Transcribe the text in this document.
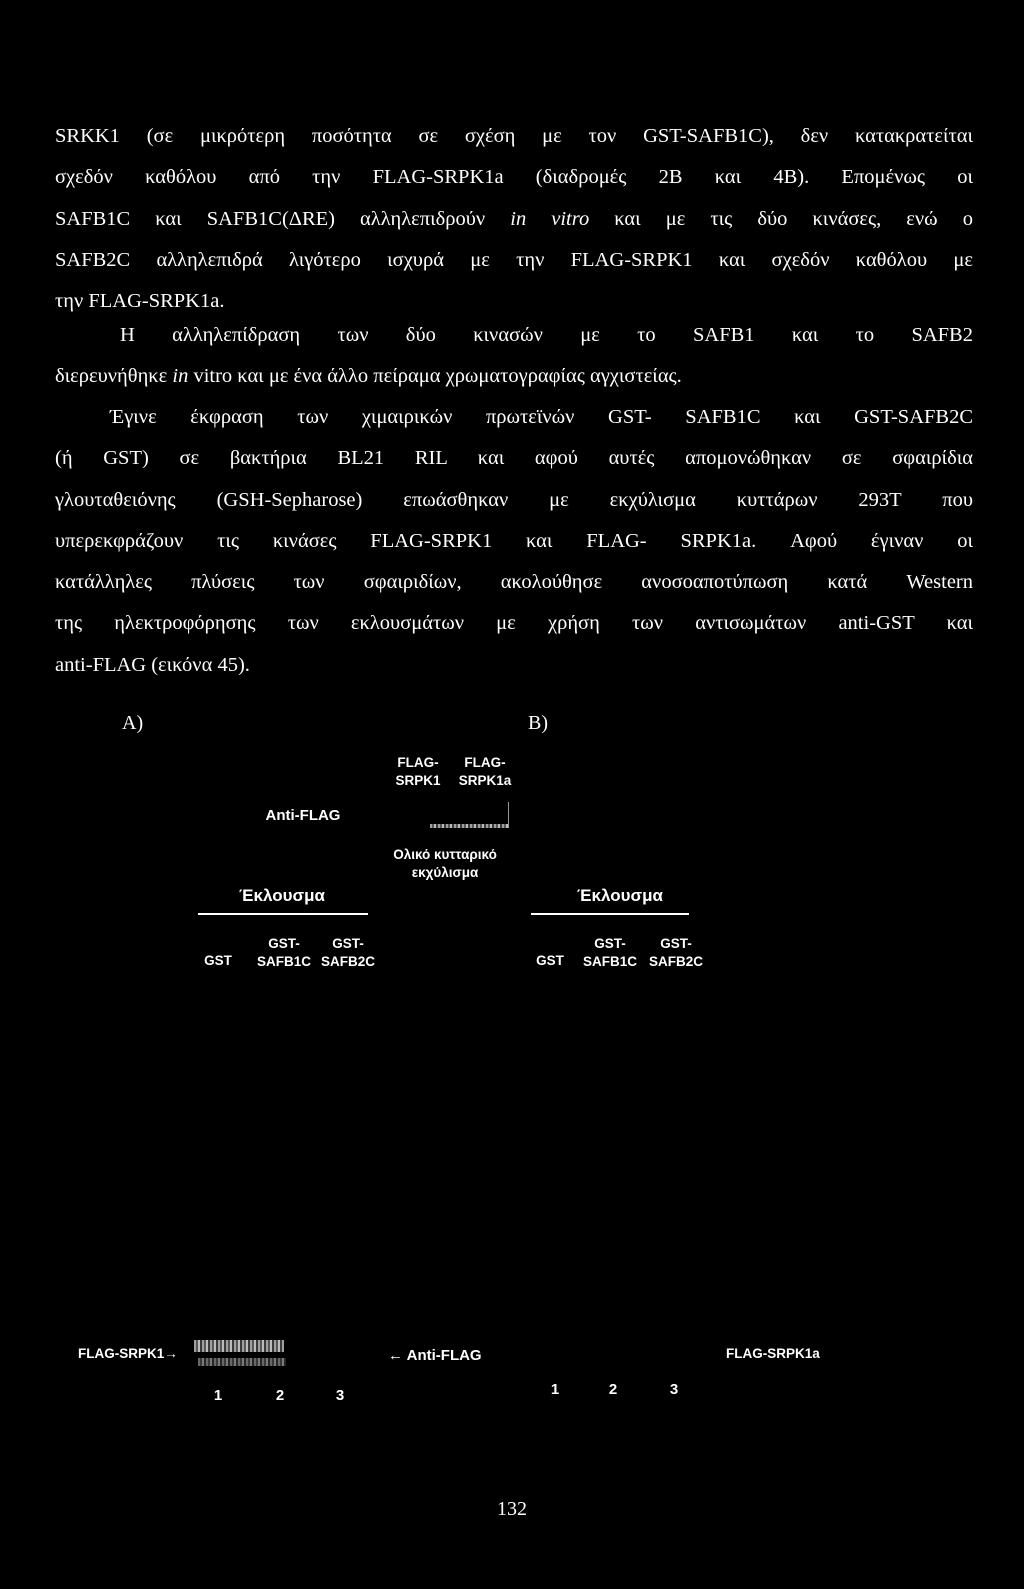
SRKK1 (σε μικρότερη ποσότητα σε σχέση με τον GST-SAFB1C), δεν κατακρατείται
σχεδόν καθόλου από την FLAG-SRPK1a (διαδρομές 2B και 4B). Επομένως οι
SAFB1C και SAFB1C(ΔRE) αλληλεπιδρούν in vitro και με τις δύο κινάσες, ενώ ο
SAFB2C αλληλεπιδρά λιγότερο ισχυρά με την FLAG-SRPK1 και σχεδόν καθόλου με
την FLAG-SRPK1a.
Η αλληλεπίδραση των δύο κινασών με το SAFB1 και το SAFB2
διερευνήθηκε in vitro και με ένα άλλο πείραμα χρωματογραφίας αγχιστείας.
Έγινε έκφραση των χιμαιρικών πρωτεϊνών GST- SAFB1C και GST-SAFB2C
(ή GST) σε βακτήρια BL21 RIL και αφού αυτές απομονώθηκαν σε σφαιρίδια
γλουταθειόνης (GSH-Sepharose) επωάσθηκαν με εκχύλισμα κυττάρων 293T που
υπερεκφράζουν τις κινάσες FLAG-SRPK1 και FLAG- SRPK1a. Αφού έγιναν οι
κατάλληλες πλύσεις των σφαιριδίων, ακολούθησε ανοσοαποτύπωση κατά Western
της ηλεκτροφόρησης των εκλουσμάτων με χρήση των αντισωμάτων anti-GST και
anti-FLAG (εικόνα 45).
A)	B)
FLAG-
SRPK1
FLAG-
SRPK1a
Anti-FLAG
Ολικό κυτταρικό
εκχύλισμα
Έκλουσμα	Έκλουσμα
GST
GST-
SAFB1C
GST-
SAFB2C	GST
GST-
SAFB1C
GST-
SAFB2C
FLAG-SRPK1→	← Anti-FLAG	FLAG-SRPK1a
1	2	3	1	2	3
132
